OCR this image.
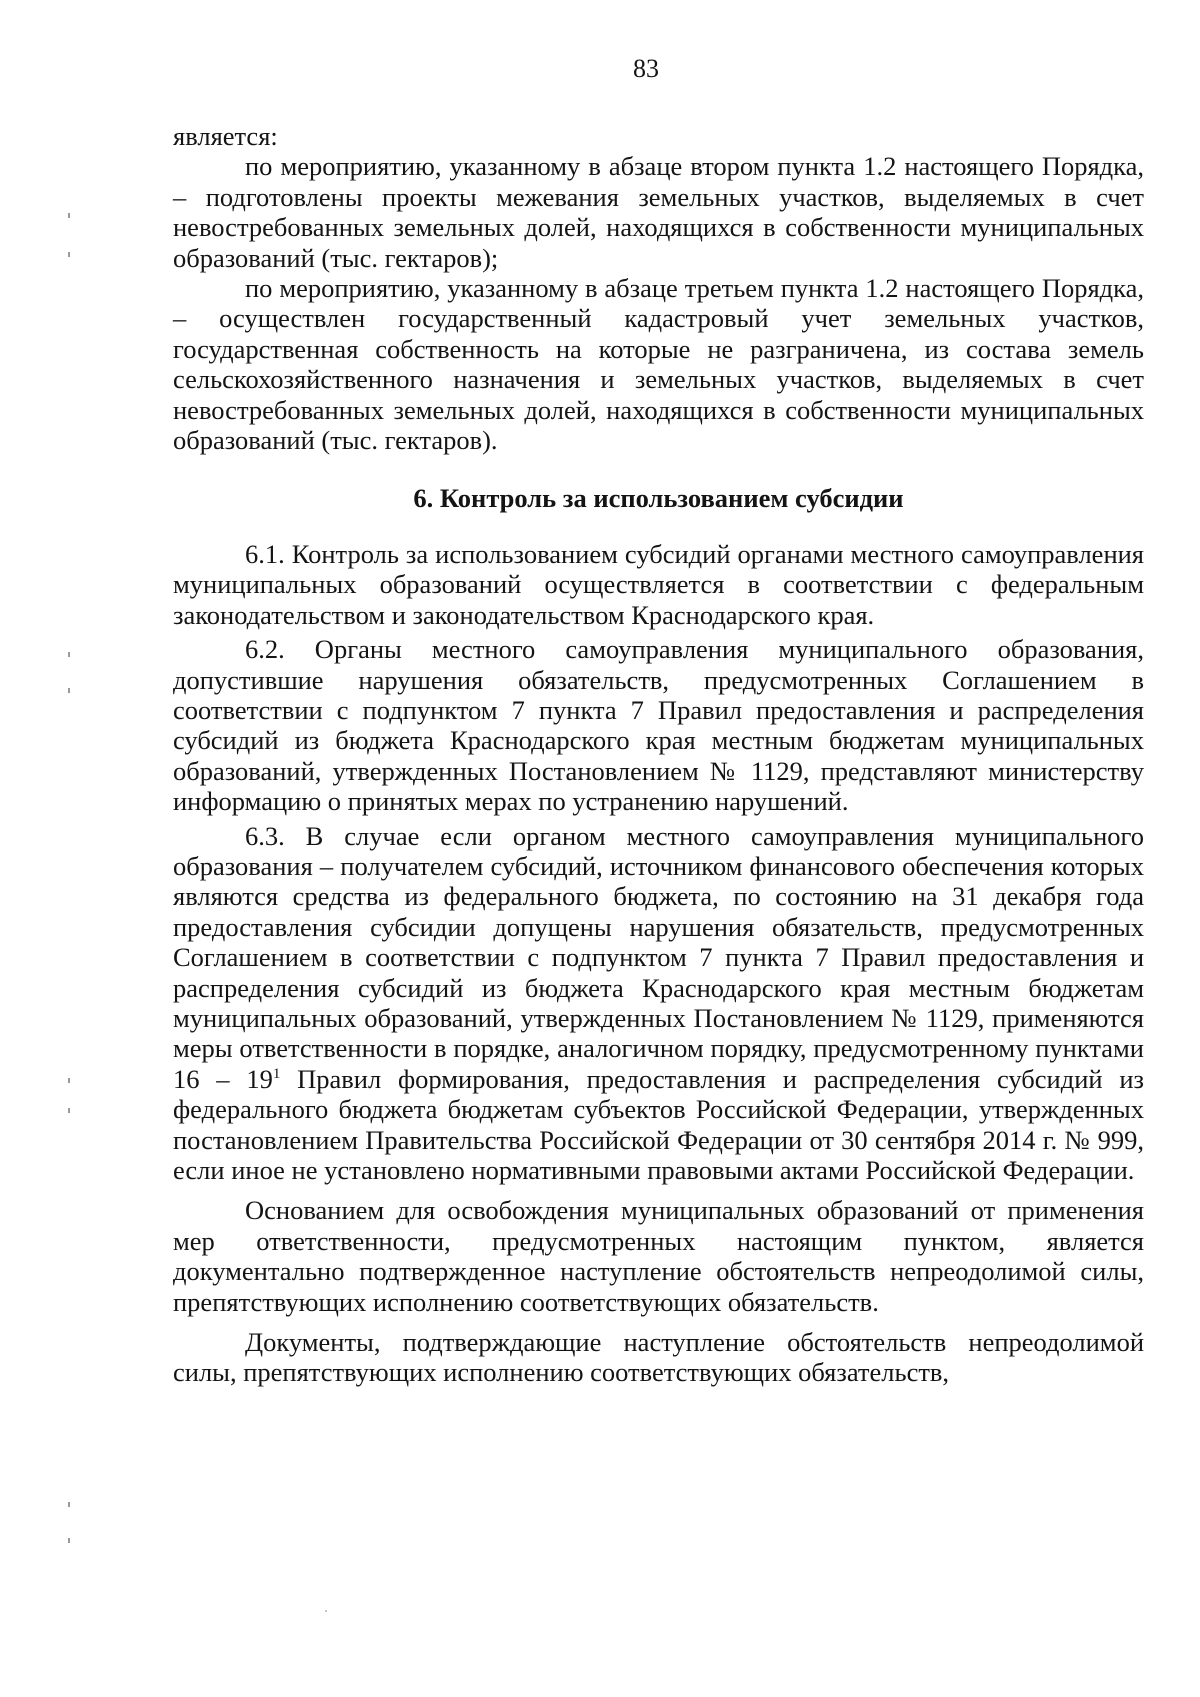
83

является:

по мероприятию, указанному в абзаце втором пункта 1.2 настоящего Порядка, – подготовлены проекты межевания земельных участков, выделяемых в счет невостребованных земельных долей, находящихся в собственности муниципальных образований (тыс. гектаров);

по мероприятию, указанному в абзаце третьем пункта 1.2 настоящего Порядка, – осуществлен государственный кадастровый учет земельных участков, государственная собственность на которые не разграничена, из состава земель сельскохозяйственного назначения и земельных участков, выделяемых в счет невостребованных земельных долей, находящихся в собственности муниципальных образований (тыс. гектаров).

6. Контроль за использованием субсидии

6.1. Контроль за использованием субсидий органами местного самоуправления муниципальных образований осуществляется в соответствии с федеральным законодательством и законодательством Краснодарского края.

6.2. Органы местного самоуправления муниципального образования, допустившие нарушения обязательств, предусмотренных Соглашением в соответствии с подпунктом 7 пункта 7 Правил предоставления и распределения субсидий из бюджета Краснодарского края местным бюджетам муниципальных образований, утвержденных Постановлением № 1129, представляют министерству информацию о принятых мерах по устранению нарушений.

6.3. В случае если органом местного самоуправления муниципального образования – получателем субсидий, источником финансового обеспечения которых являются средства из федерального бюджета, по состоянию на 31 декабря года предоставления субсидии допущены нарушения обязательств, предусмотренных Соглашением в соответствии с подпунктом 7 пункта 7 Правил предоставления и распределения субсидий из бюджета Краснодарского края местным бюджетам муниципальных образований, утвержденных Постановлением № 1129, применяются меры ответственности в порядке, аналогичном порядку, предусмотренному пунктами $16 - 19^1$ Правил формирования, предоставления и распределения субсидий из федерального бюджета бюджетам субъектов Российской Федерации, утвержденных постановлением Правительства Российской Федерации от 30 сентября 2014 г. № 999, если иное не установлено нормативными правовыми актами Российской Федерации.

Основанием для освобождения муниципальных образований от применения мер ответственности, предусмотренных настоящим пунктом, является документально подтвержденное наступление обстоятельств непреодолимой силы, препятствующих исполнению соответствующих обязательств.

Документы, подтверждающие наступление обстоятельств непреодолимой силы, препятствующих исполнению соответствующих обязательств,
